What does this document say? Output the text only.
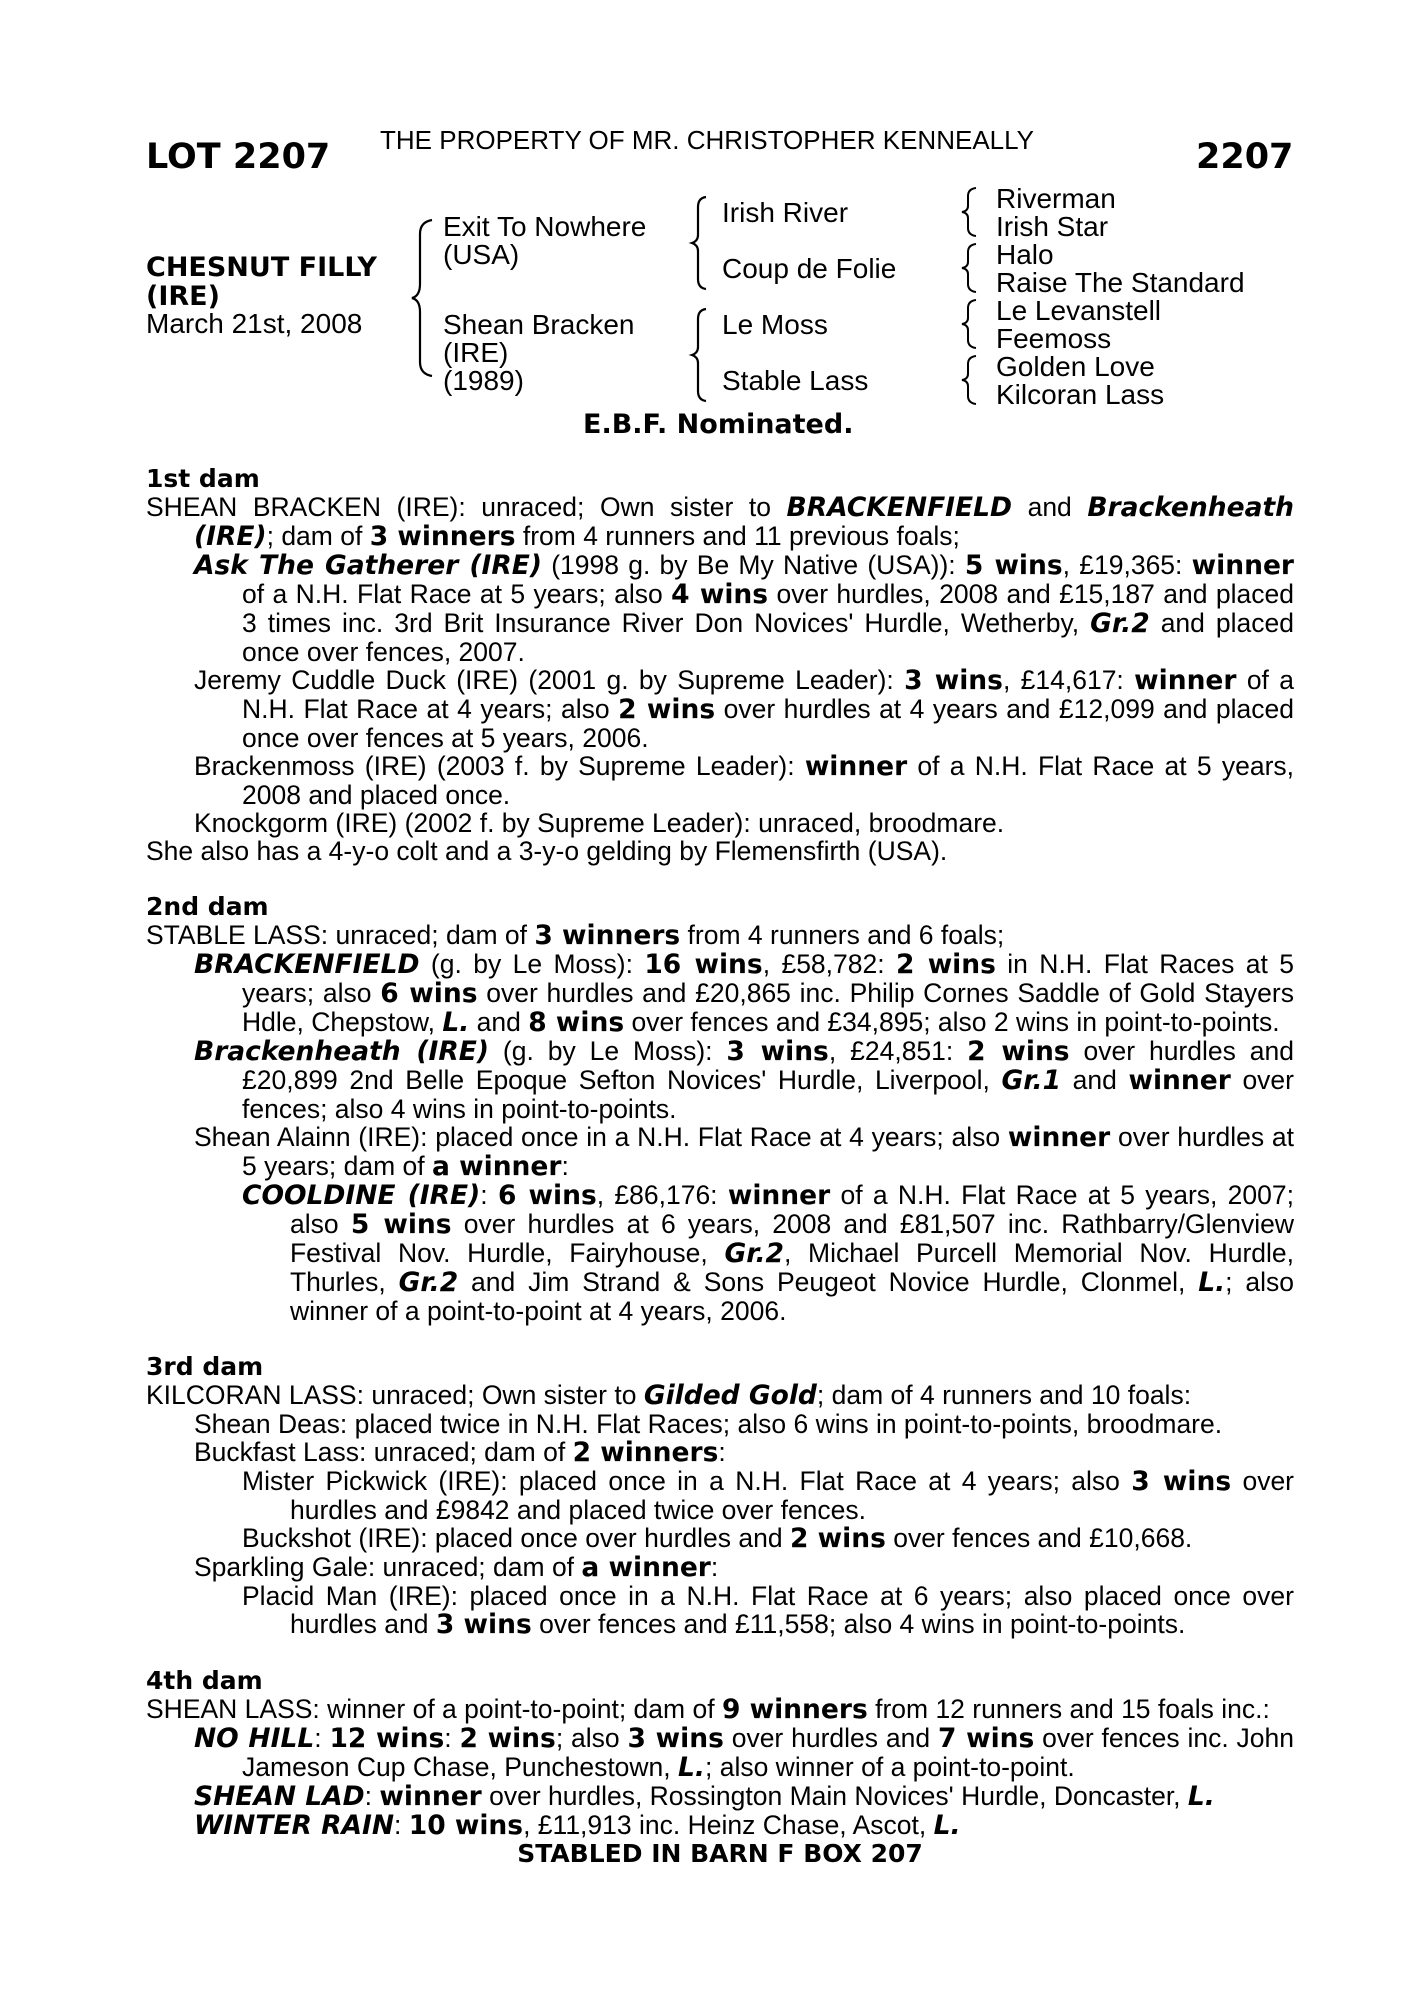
LOT 2207 THE PROPERTY OF MR. CHRISTOPHER KENNEALLY	2207
CHESNUT FILLY
(IRE)
March 21st, 2008
Exit To Nowhere
(USA)
Shean Bracken
(IRE)
(1989)
Irish River
Coup de Folie
Le Moss
Stable Lass
Riverman
Irish Star
Halo
Raise The Standard
Le Levanstell
Feemoss
Golden Love
Kilcoran Lass
E.B.F. Nominated.

1st dam

SHEAN BRACKEN (IRE): unraced; Own sister to BRACKENFIELD and Brackenheath (IRE); dam of 3 winners from 4 runners and 11 previous foals;

Ask The Gatherer (IRE) (1998 g. by Be My Native (USA)): 5 wins, £19,365: winner of a N.H. Flat Race at 5 years; also 4 wins over hurdles, 2008 and £15,187 and placed 3 times inc. 3rd Brit Insurance River Don Novices' Hurdle, Wetherby, Gr.2 and placed once over fences, 2007.

Jeremy Cuddle Duck (IRE) (2001 g. by Supreme Leader): 3 wins, £14,617: winner of a N.H. Flat Race at 4 years; also 2 wins over hurdles at 4 years and £12,099 and placed once over fences at 5 years, 2006.

Brackenmoss (IRE) (2003 f. by Supreme Leader): winner of a N.H. Flat Race at 5 years, 2008 and placed once.

Knockgorm (IRE) (2002 f. by Supreme Leader): unraced, broodmare.

She also has a 4-y-o colt and a 3-y-o gelding by Flemensfirth (USA).

2nd dam

STABLE LASS: unraced; dam of 3 winners from 4 runners and 6 foals;

BRACKENFIELD (g. by Le Moss): 16 wins, £58,782: 2 wins in N.H. Flat Races at 5 years; also 6 wins over hurdles and £20,865 inc. Philip Cornes Saddle of Gold Stayers Hdle, Chepstow, L. and 8 wins over fences and £34,895; also 2 wins in point-to-points.

Brackenheath (IRE) (g. by Le Moss): 3 wins, £24,851: 2 wins over hurdles and £20,899 2nd Belle Epoque Sefton Novices' Hurdle, Liverpool, Gr.1 and winner over fences; also 4 wins in point-to-points.

Shean Alainn (IRE): placed once in a N.H. Flat Race at 4 years; also winner over hurdles at 5 years; dam of a winner:

COOLDINE (IRE): 6 wins, £86,176: winner of a N.H. Flat Race at 5 years, 2007; also 5 wins over hurdles at 6 years, 2008 and £81,507 inc. Rathbarry/Glenview Festival Nov. Hurdle, Fairyhouse, Gr.2, Michael Purcell Memorial Nov. Hurdle, Thurles, Gr.2 and Jim Strand & Sons Peugeot Novice Hurdle, Clonmel, L.; also winner of a point-to-point at 4 years, 2006.

3rd dam

KILCORAN LASS: unraced; Own sister to Gilded Gold; dam of 4 runners and 10 foals:

Shean Deas: placed twice in N.H. Flat Races; also 6 wins in point-to-points, broodmare.

Buckfast Lass: unraced; dam of 2 winners:

Mister Pickwick (IRE): placed once in a N.H. Flat Race at 4 years; also 3 wins over hurdles and £9842 and placed twice over fences.

Buckshot (IRE): placed once over hurdles and 2 wins over fences and £10,668.

Sparkling Gale: unraced; dam of a winner:

Placid Man (IRE): placed once in a N.H. Flat Race at 6 years; also placed once over hurdles and 3 wins over fences and £11,558; also 4 wins in point-to-points.

4th dam

SHEAN LASS: winner of a point-to-point; dam of 9 winners from 12 runners and 15 foals inc.:

NO HILL: 12 wins: 2 wins; also 3 wins over hurdles and 7 wins over fences inc. John Jameson Cup Chase, Punchestown, L.; also winner of a point-to-point.

SHEAN LAD: winner over hurdles, Rossington Main Novices' Hurdle, Doncaster, L.

WINTER RAIN: 10 wins, £11,913 inc. Heinz Chase, Ascot, L.

STABLED IN BARN F BOX 207
